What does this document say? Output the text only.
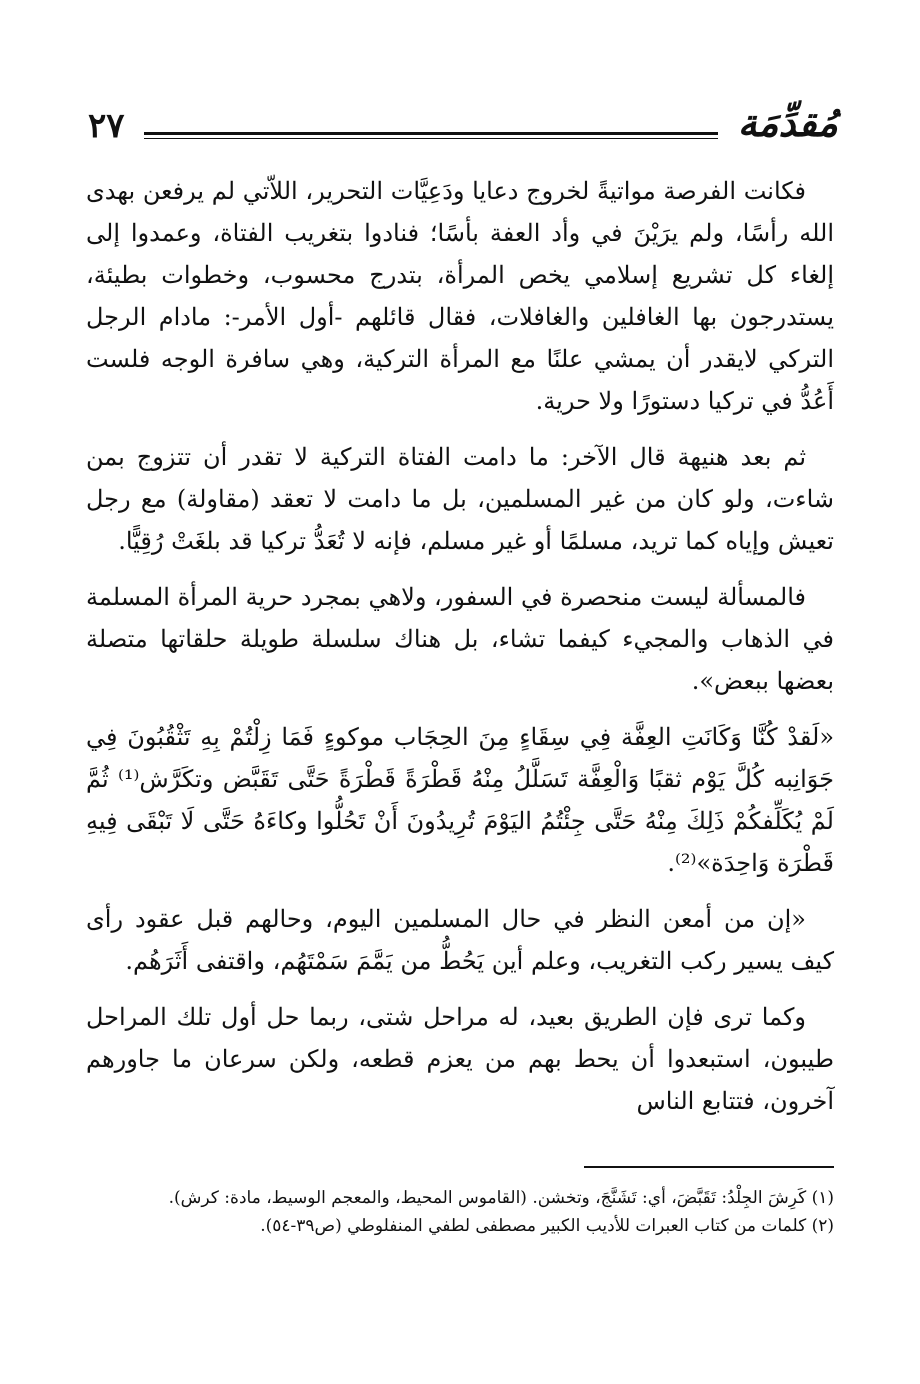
مُقدِّمَة
٢٧

فكانت الفرصة مواتيةً لخروج دعايا ودَعِيَّات التحرير، اللاّتي لم يرفعن بهدى الله رأسًا، ولم يرَيْنَ في وأد العفة بأسًا؛ فنادوا بتغريب الفتاة، وعمدوا إلى إلغاء كل تشريع إسلامي يخص المرأة، بتدرج محسوب، وخطوات بطيئة، يستدرجون بها الغافلين والغافلات، فقال قائلهم -أول الأمر-: مادام الرجل التركي لايقدر أن يمشي علنًا مع المرأة التركية، وهي سافرة الوجه فلست أَعُدُّ في تركيا دستورًا ولا حرية.

ثم بعد هنيهة قال الآخر: ما دامت الفتاة التركية لا تقدر أن تتزوج بمن شاءت، ولو كان من غير المسلمين، بل ما دامت لا تعقد (مقاولة) مع رجل تعيش وإياه كما تريد، مسلمًا أو غير مسلم، فإنه لا تُعَدُّ تركيا قد بلغَتْ رُقِيًّا.

فالمسألة ليست منحصرة في السفور، ولاهي بمجرد حرية المرأة المسلمة في الذهاب والمجيء كيفما تشاء، بل هناك سلسلة طويلة حلقاتها متصلة بعضها ببعض».

«لَقدْ كُنَّا وَكَانَتِ العِفَّة فِي سِقَاءٍ مِنَ الحِجَاب موكوءٍ فَمَا زِلْتُمْ بِهِ تَثْقُبُونَ فِي جَوَانِبه كُلَّ يَوْم ثقبًا وَالْعِفَّة تَسَلَّلُ مِنْهُ قَطْرَةً قَطْرَةً حَتَّى تَقَبَّض وتكَرَّش⁽¹⁾ ثُمَّ لَمْ يُكَلِّفكُمْ ذَلِكَ مِنْهُ حَتَّى جِئْتُمُ اليَوْمَ تُرِيدُونَ أَنْ تَحُلُّوا وكاءَهُ حَتَّى لَا تَبْقَى فِيهِ قَطْرَة وَاحِدَة»⁽²⁾.

«إن من أمعن النظر في حال المسلمين اليوم، وحالهم قبل عقود رأى كيف يسير ركب التغريب، وعلم أين يَحُطُّ من يَمَّمَ سَمْتَهُم، واقتفى أَثَرَهُم.

وكما ترى فإن الطريق بعيد، له مراحل شتى، ربما حل أول تلك المراحل طيبون، استبعدوا أن يحط بهم من يعزم قطعه، ولكن سرعان ما جاورهم آخرون، فتتابع الناس

(١) كَرِشَ الجِلْدُ: تَقَبَّضَ، أي: تَشَنَّجَ، وتخشن. (القاموس المحيط، والمعجم الوسيط، مادة: كرش).

(٢) كلمات من كتاب العبرات للأديب الكبير مصطفى لطفي المنفلوطي (ص٣٩-٥٤).
